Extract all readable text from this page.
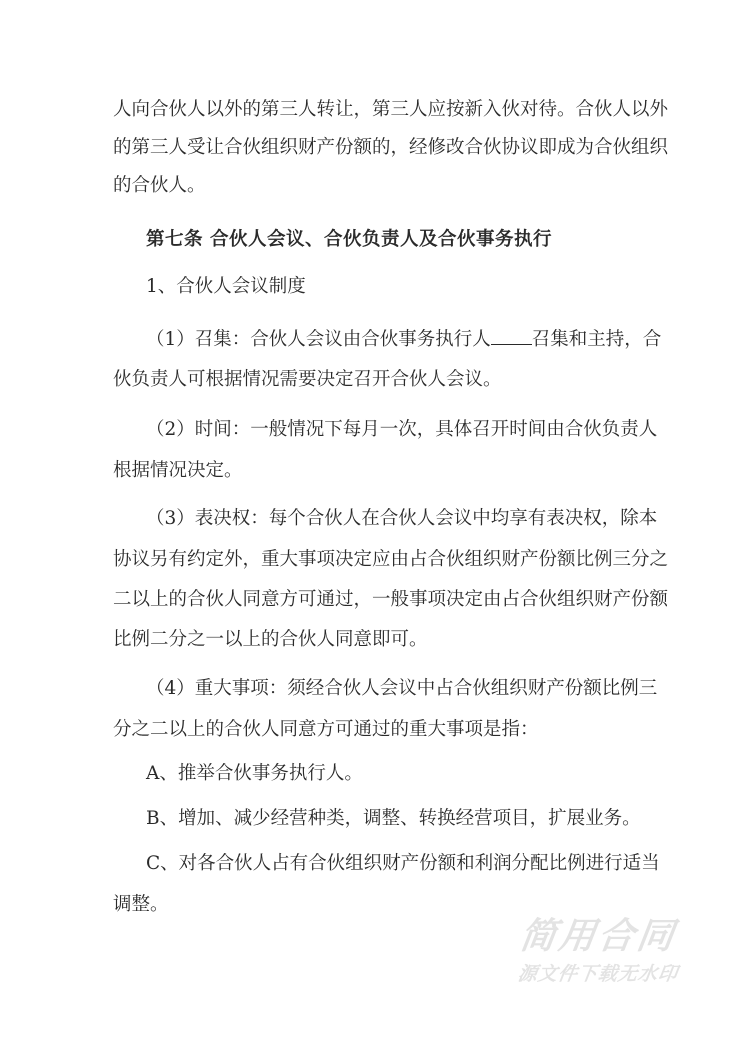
人向合伙人以外的第三人转让，第三人应按新入伙对待。合伙人以外
的第三人受让合伙组织财产份额的，经修改合伙协议即成为合伙组织
的合伙人。
第七条 合伙人会议、合伙负责人及合伙事务执行
1、合伙人会议制度
伙负责人可根据情况需要决定召开合伙人会议。
（2）时间：一般情况下每月一次，具体召开时间由合伙负责人
根据情况决定。
（3）表决权：每个合伙人在合伙人会议中均享有表决权，除本
协议另有约定外，重大事项决定应由占合伙组织财产份额比例三分之
二以上的合伙人同意方可通过，一般事项决定由占合伙组织财产份额
比例二分之一以上的合伙人同意即可。
（4）重大事项：须经合伙人会议中占合伙组织财产份额比例三
分之二以上的合伙人同意方可通过的重大事项是指：
A、推举合伙事务执行人。
B、增加、减少经营种类，调整、转换经营项目，扩展业务。
C、对各合伙人占有合伙组织财产份额和利润分配比例进行适当
调整。
（1）召集：合伙人会议由合伙事务执行人 召集和主持，合
简用合同
源文件下载无水印
